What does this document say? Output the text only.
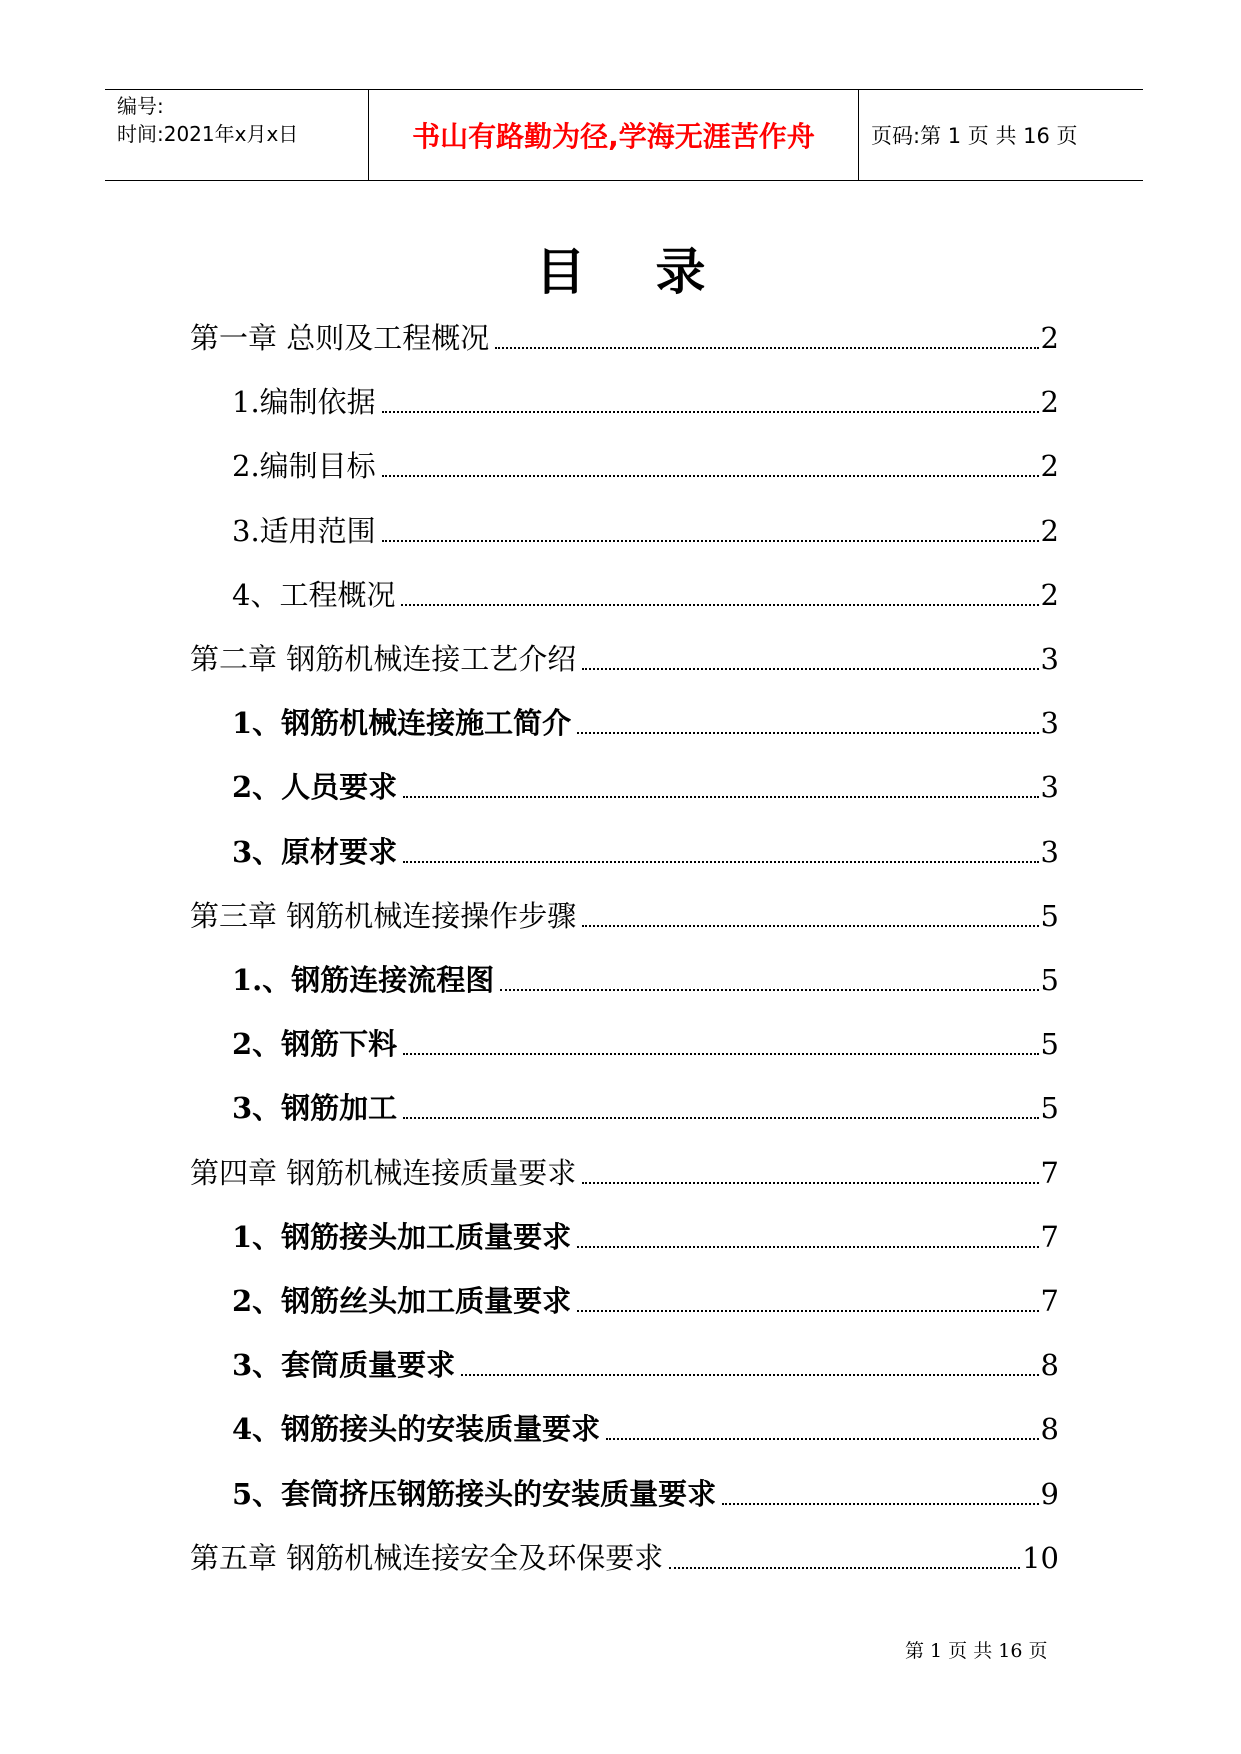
编号:
时间:2021年x月x日	书山有路勤为径,学海无涯苦作舟	页码:第 1 页 共 16 页
目录
第一章 总则及工程概况	2
1.编制依据	2
2.编制目标	2
3.适用范围	2
4、工程概况	2
第二章 钢筋机械连接工艺介绍	3
1、钢筋机械连接施工简介	3
2、人员要求	3
3、原材要求	3
第三章 钢筋机械连接操作步骤	5
1.、钢筋连接流程图	5
2、钢筋下料	5
3、钢筋加工	5
第四章 钢筋机械连接质量要求	7
1、钢筋接头加工质量要求	7
2、钢筋丝头加工质量要求	7
3、套筒质量要求	8
4、钢筋接头的安装质量要求	8
5、套筒挤压钢筋接头的安装质量要求	9
第五章 钢筋机械连接安全及环保要求	10
第 1 页 共 16 页
